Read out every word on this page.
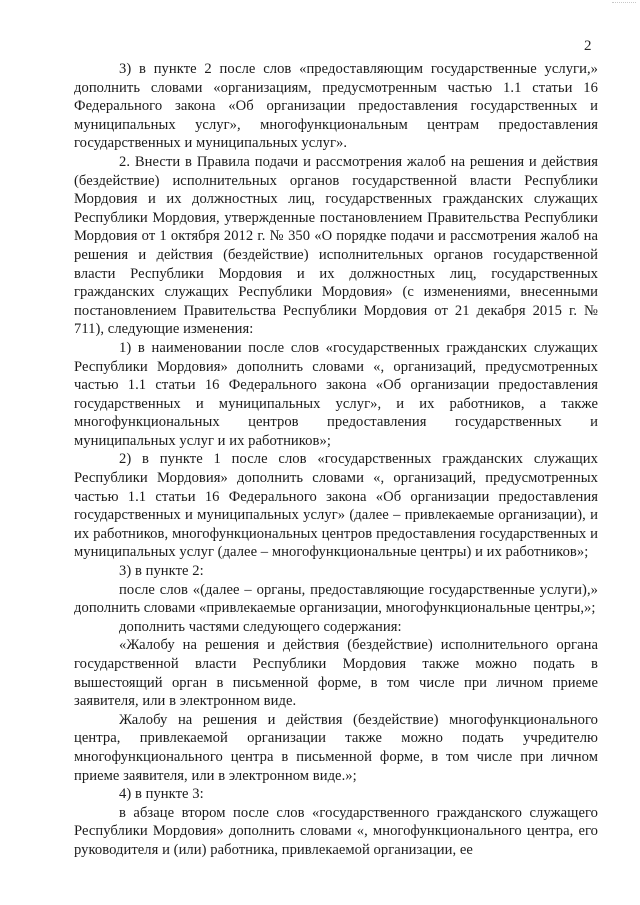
2

3) в пункте 2 после слов «предоставляющим государственные услуги,» дополнить словами «организациям, предусмотренным частью 1.1 статьи 16 Федерального закона «Об организации предоставления государственных и муниципальных услуг», многофункциональным центрам предоставления государственных и муниципальных услуг».

2. Внести в Правила подачи и рассмотрения жалоб на решения и действия (бездействие) исполнительных органов государственной власти Республики Мордовия и их должностных лиц, государственных гражданских служащих Республики Мордовия, утвержденные постановлением Правительства Республики Мордовия от 1 октября 2012 г. № 350 «О порядке подачи и рассмотрения жалоб на решения и действия (бездействие) исполнительных органов государственной власти Республики Мордовия и их должностных лиц, государственных гражданских служащих Республики Мордовия» (с изменениями, внесенными постановлением Правительства Республики Мордовия от 21 декабря 2015 г. № 711), следующие изменения:

1) в наименовании после слов «государственных гражданских служащих Республики Мордовия» дополнить словами «, организаций, предусмотренных частью 1.1 статьи 16 Федерального закона «Об организации предоставления государственных и муниципальных услуг», и их работников, а также многофункциональных центров предоставления государственных и муниципальных услуг и их работников»;

2) в пункте 1 после слов «государственных гражданских служащих Республики Мордовия» дополнить словами «, организаций, предусмотренных частью 1.1 статьи 16 Федерального закона «Об организации предоставления государственных и муниципальных услуг» (далее – привлекаемые организации), и их работников, многофункциональных центров предоставления государственных и муниципальных услуг (далее – многофункциональные центры) и их работников»;

3) в пункте 2:

после слов «(далее – органы, предоставляющие государственные услуги),» дополнить словами «привлекаемые организации, многофункциональные центры,»;

дополнить частями следующего содержания:

«Жалобу на решения и действия (бездействие) исполнительного органа государственной власти Республики Мордовия также можно подать в вышестоящий орган в письменной форме, в том числе при личном приеме заявителя, или в электронном виде.

Жалобу на решения и действия (бездействие) многофункционального центра, привлекаемой организации также можно подать учредителю многофункционального центра в письменной форме, в том числе при личном приеме заявителя, или в электронном виде.»;

4) в пункте 3:

в абзаце втором после слов «государственного гражданского служащего Республики Мордовия» дополнить словами «, многофункционального центра, его руководителя и (или) работника, привлекаемой организации, ее
